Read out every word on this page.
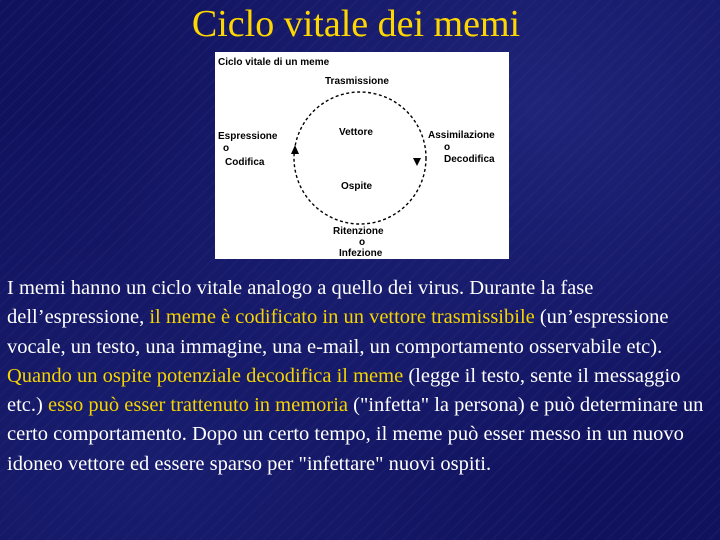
Ciclo vitale dei memi
Ciclo vitale di un meme
Trasmissione
Vettore
Ospite
Espressione
o
Codifica
Assimilazione
o
Decodifica
Ritenzione
o
Infezione

I memi hanno un ciclo vitale analogo a quello dei virus. Durante la fase dell’espressione, il meme è codificato in un vettore trasmissibile (un’espressione vocale, un testo, una immagine, una e-mail, un comportamento osservabile etc). Quando un ospite potenziale decodifica il meme (legge il testo, sente il messaggio etc.) esso può esser trattenuto in memoria ("infetta" la persona) e può determinare un certo comportamento. Dopo un certo tempo, il meme può esser messo in un nuovo idoneo vettore ed essere sparso per "infettare" nuovi ospiti.
